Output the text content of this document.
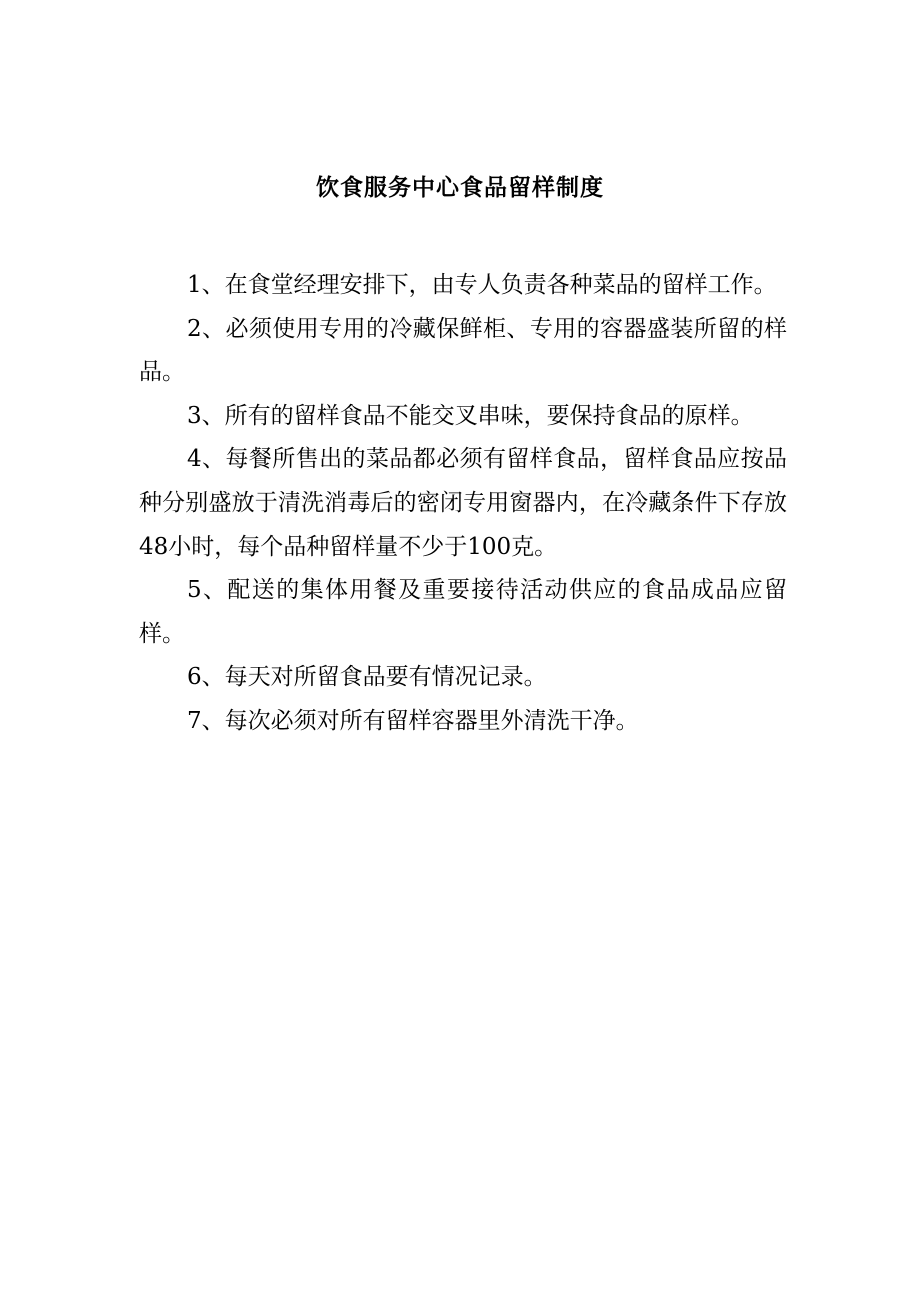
饮食服务中心食品留样制度

1、在食堂经理安排下，由专人负责各种菜品的留样工作。

2、必须使用专用的冷藏保鲜柜、专用的容器盛装所留的样品。

3、所有的留样食品不能交叉串味，要保持食品的原样。

4、每餐所售出的菜品都必须有留样食品，留样食品应按品种分别盛放于清洗消毒后的密闭专用窗器内，在冷藏条件下存放48小时，每个品种留样量不少于100克。

5、配送的集体用餐及重要接待活动供应的食品成品应留样。

6、每天对所留食品要有情况记录。

7、每次必须对所有留样容器里外清洗干净。
